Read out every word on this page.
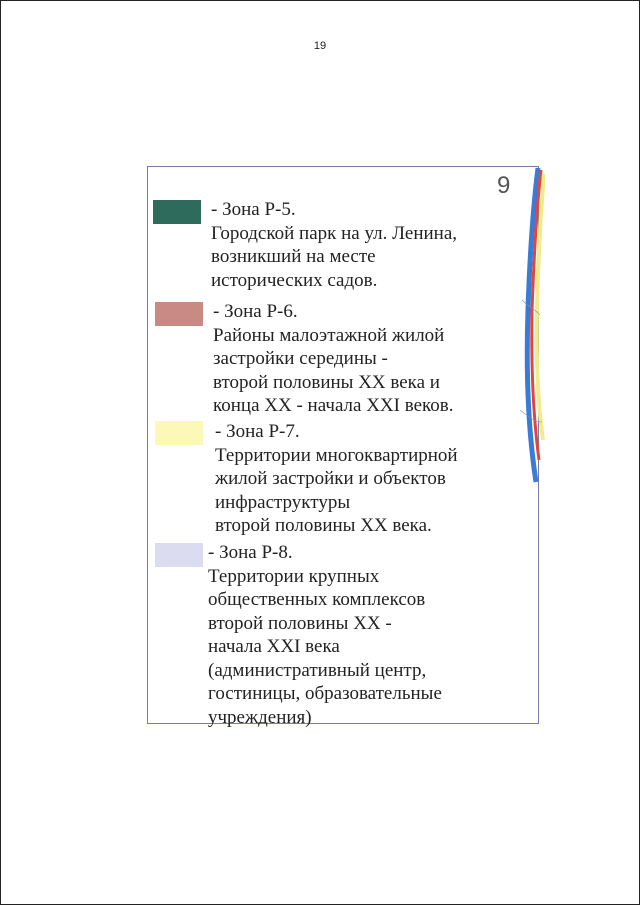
19
9
- Зона Р-5.
Городской парк на ул. Ленина,
возникший на месте
исторических садов.
- Зона Р-6.
Районы малоэтажной жилой
застройки середины -
второй половины XX века и
конца XX - начала XXI веков.
- Зона Р-7.
Территории многоквартирной
жилой застройки и объектов
инфраструктуры
второй половины XX века.
- Зона Р-8.
Территории крупных
общественных комплексов
второй половины XX -
начала XXI века
(административный центр,
гостиницы, образовательные
учреждения)
